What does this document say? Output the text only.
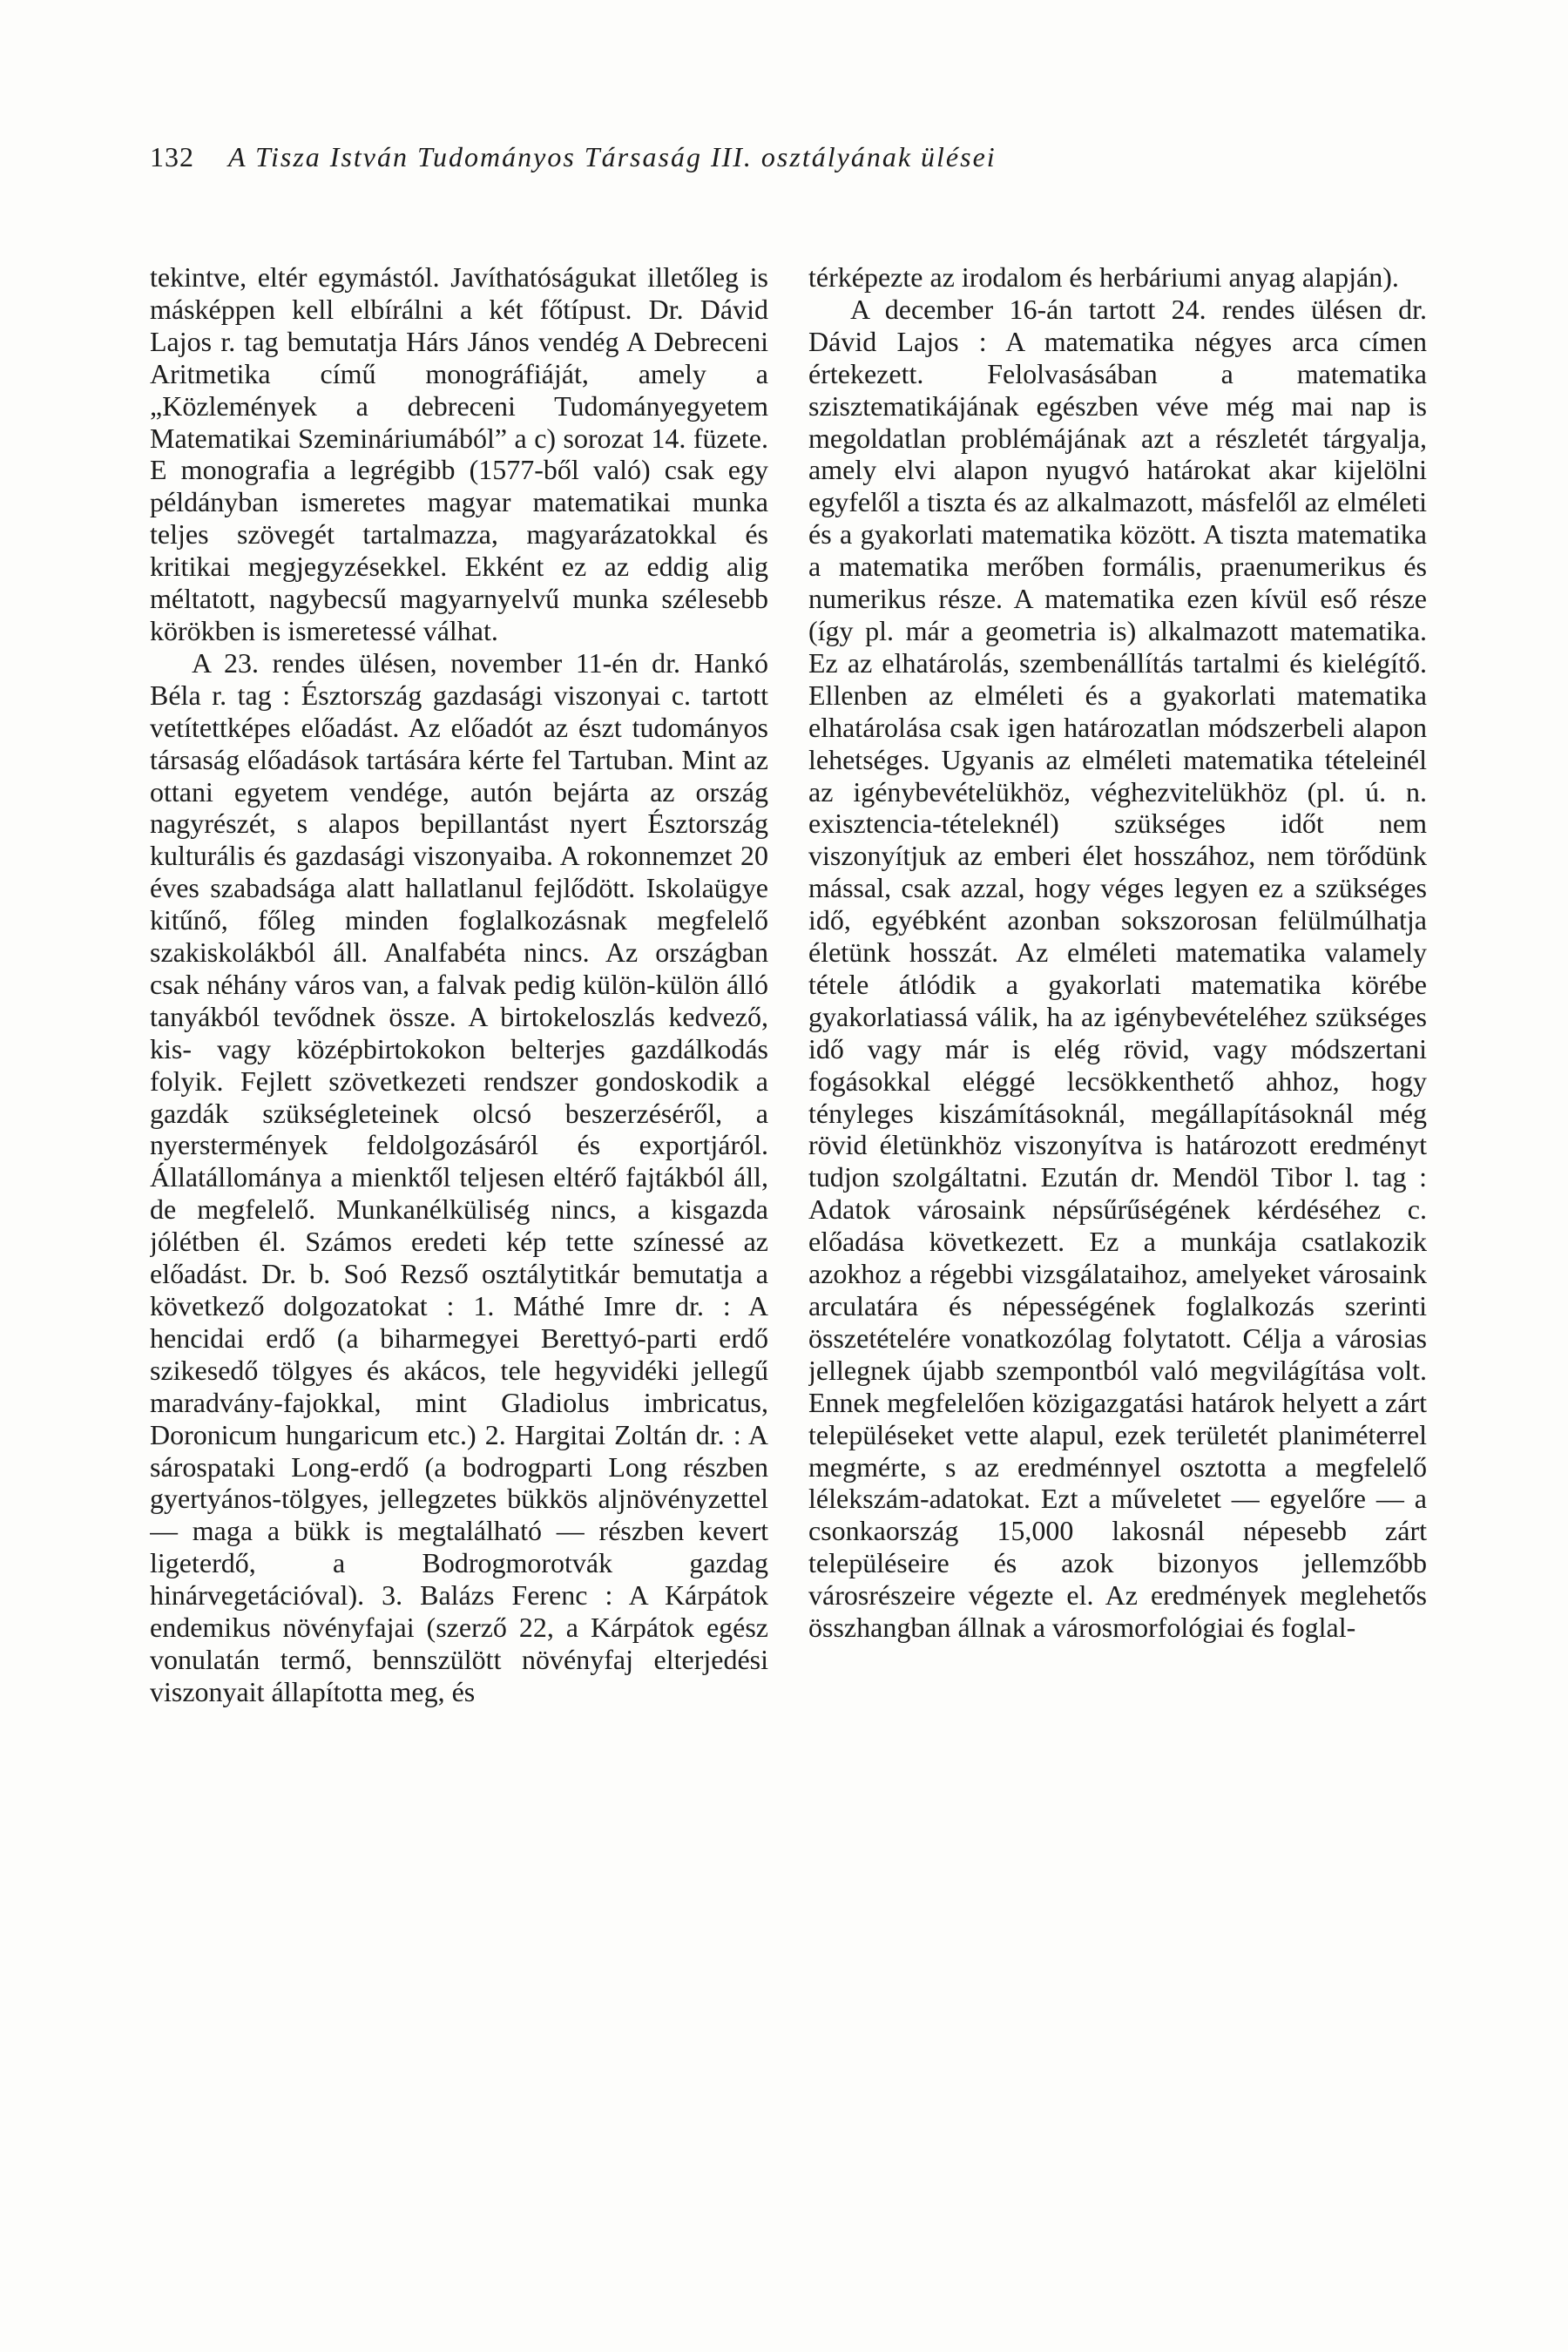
132 A Tisza István Tudományos Társaság III. osztályának ülései

tekintve, eltér egymástól. Javíthatóságukat illetőleg is másképpen kell elbírálni a két főtípust. Dr. Dávid Lajos r. tag bemutatja Hárs János vendég A Debreceni Aritmetika című monográfiáját, amely a „Közlemények a debreceni Tudományegyetem Matematikai Szemináriumából” a c) sorozat 14. füzete. E monografia a legrégibb (1577-ből való) csak egy példányban ismeretes magyar matematikai munka teljes szövegét tartalmazza, magyarázatokkal és kritikai megjegyzésekkel. Ekként ez az eddig alig méltatott, nagybecsű magyarnyelvű munka szélesebb körökben is ismeretessé válhat.

A 23. rendes ülésen, november 11-én dr. Hankó Béla r. tag : Észtország gazdasági viszonyai c. tartott vetítettképes előadást. Az előadót az észt tudományos társaság előadások tartására kérte fel Tartuban. Mint az ottani egyetem vendége, autón bejárta az ország nagyrészét, s alapos bepillantást nyert Észtország kulturális és gazdasági viszonyaiba. A rokonnemzet 20 éves szabadsága alatt hallatlanul fejlődött. Iskolaügye kitűnő, főleg minden foglalkozásnak megfelelő szakiskolákból áll. Analfabéta nincs. Az országban csak néhány város van, a falvak pedig külön-külön álló tanyákból tevődnek össze. A birtokeloszlás kedvező, kis- vagy középbirtokokon belterjes gazdálkodás folyik. Fejlett szövetkezeti rendszer gondoskodik a gazdák szükségleteinek olcsó beszerzéséről, a nyerstermények feldolgozásáról és exportjáról. Állatállománya a mienktől teljesen eltérő fajtákból áll, de megfelelő. Munkanélküliség nincs, a kisgazda jólétben él. Számos eredeti kép tette színessé az előadást. Dr. b. Soó Rezső osztálytitkár bemutatja a következő dolgozatokat : 1. Máthé Imre dr. : A hencidai erdő (a biharmegyei Berettyó-parti erdő szikesedő tölgyes és akácos, tele hegyvidéki jellegű maradvány-fajokkal, mint Gladiolus imbricatus, Doronicum hungaricum etc.) 2. Hargitai Zoltán dr. : A sárospataki Long-erdő (a bodrogparti Long részben gyertyános-tölgyes, jellegzetes bükkös aljnövényzettel — maga a bükk is megtalálható — részben kevert ligeterdő, a Bodrogmorotvák gazdag hinárvegetációval). 3. Balázs Ferenc : A Kárpátok endemikus növényfajai (szerző 22, a Kárpátok egész vonulatán termő, bennszülött növényfaj elterjedési viszonyait állapította meg, és

térképezte az irodalom és herbáriumi anyag alapján).

A december 16-án tartott 24. rendes ülésen dr. Dávid Lajos : A matematika négyes arca címen értekezett. Felolvasásában a matematika szisztematikájának egészben véve még mai nap is megoldatlan problémájának azt a részletét tárgyalja, amely elvi alapon nyugvó határokat akar kijelölni egyfelől a tiszta és az alkalmazott, másfelől az elméleti és a gyakorlati matematika között. A tiszta matematika a matematika merőben formális, praenumerikus és numerikus része. A matematika ezen kívül eső része (így pl. már a geometria is) alkalmazott matematika. Ez az elhatárolás, szembenállítás tartalmi és kielégítő. Ellenben az elméleti és a gyakorlati matematika elhatárolása csak igen határozatlan módszerbeli alapon lehetséges. Ugyanis az elméleti matematika tételeinél az igénybevételükhöz, véghezvitelükhöz (pl. ú. n. exisztencia-tételeknél) szükséges időt nem viszonyítjuk az emberi élet hosszához, nem törődünk mással, csak azzal, hogy véges legyen ez a szükséges idő, egyébként azonban sokszorosan felülmúlhatja életünk hosszát. Az elméleti matematika valamely tétele átlódik a gyakorlati matematika körébe gyakorlatiassá válik, ha az igénybevételéhez szükséges idő vagy már is elég rövid, vagy módszertani fogásokkal eléggé lecsökkenthető ahhoz, hogy tényleges kiszámításoknál, megállapításoknál még rövid életünkhöz viszonyítva is határozott eredményt tudjon szolgáltatni. Ezután dr. Mendöl Tibor l. tag : Adatok városaink népsűrűségének kérdéséhez c. előadása következett. Ez a munkája csatlakozik azokhoz a régebbi vizsgálataihoz, amelyeket városaink arculatára és népességének foglalkozás szerinti összetételére vonatkozólag folytatott. Célja a városias jellegnek újabb szempontból való megvilágítása volt. Ennek megfelelően közigazgatási határok helyett a zárt településeket vette alapul, ezek területét planiméterrel megmérte, s az eredménnyel osztotta a megfelelő lélekszám-adatokat. Ezt a műveletet — egyelőre — a csonkaország 15,000 lakosnál népesebb zárt településeire és azok bizonyos jellemzőbb városrészeire végezte el. Az eredmények meglehetős összhangban állnak a városmorfológiai és foglal-
